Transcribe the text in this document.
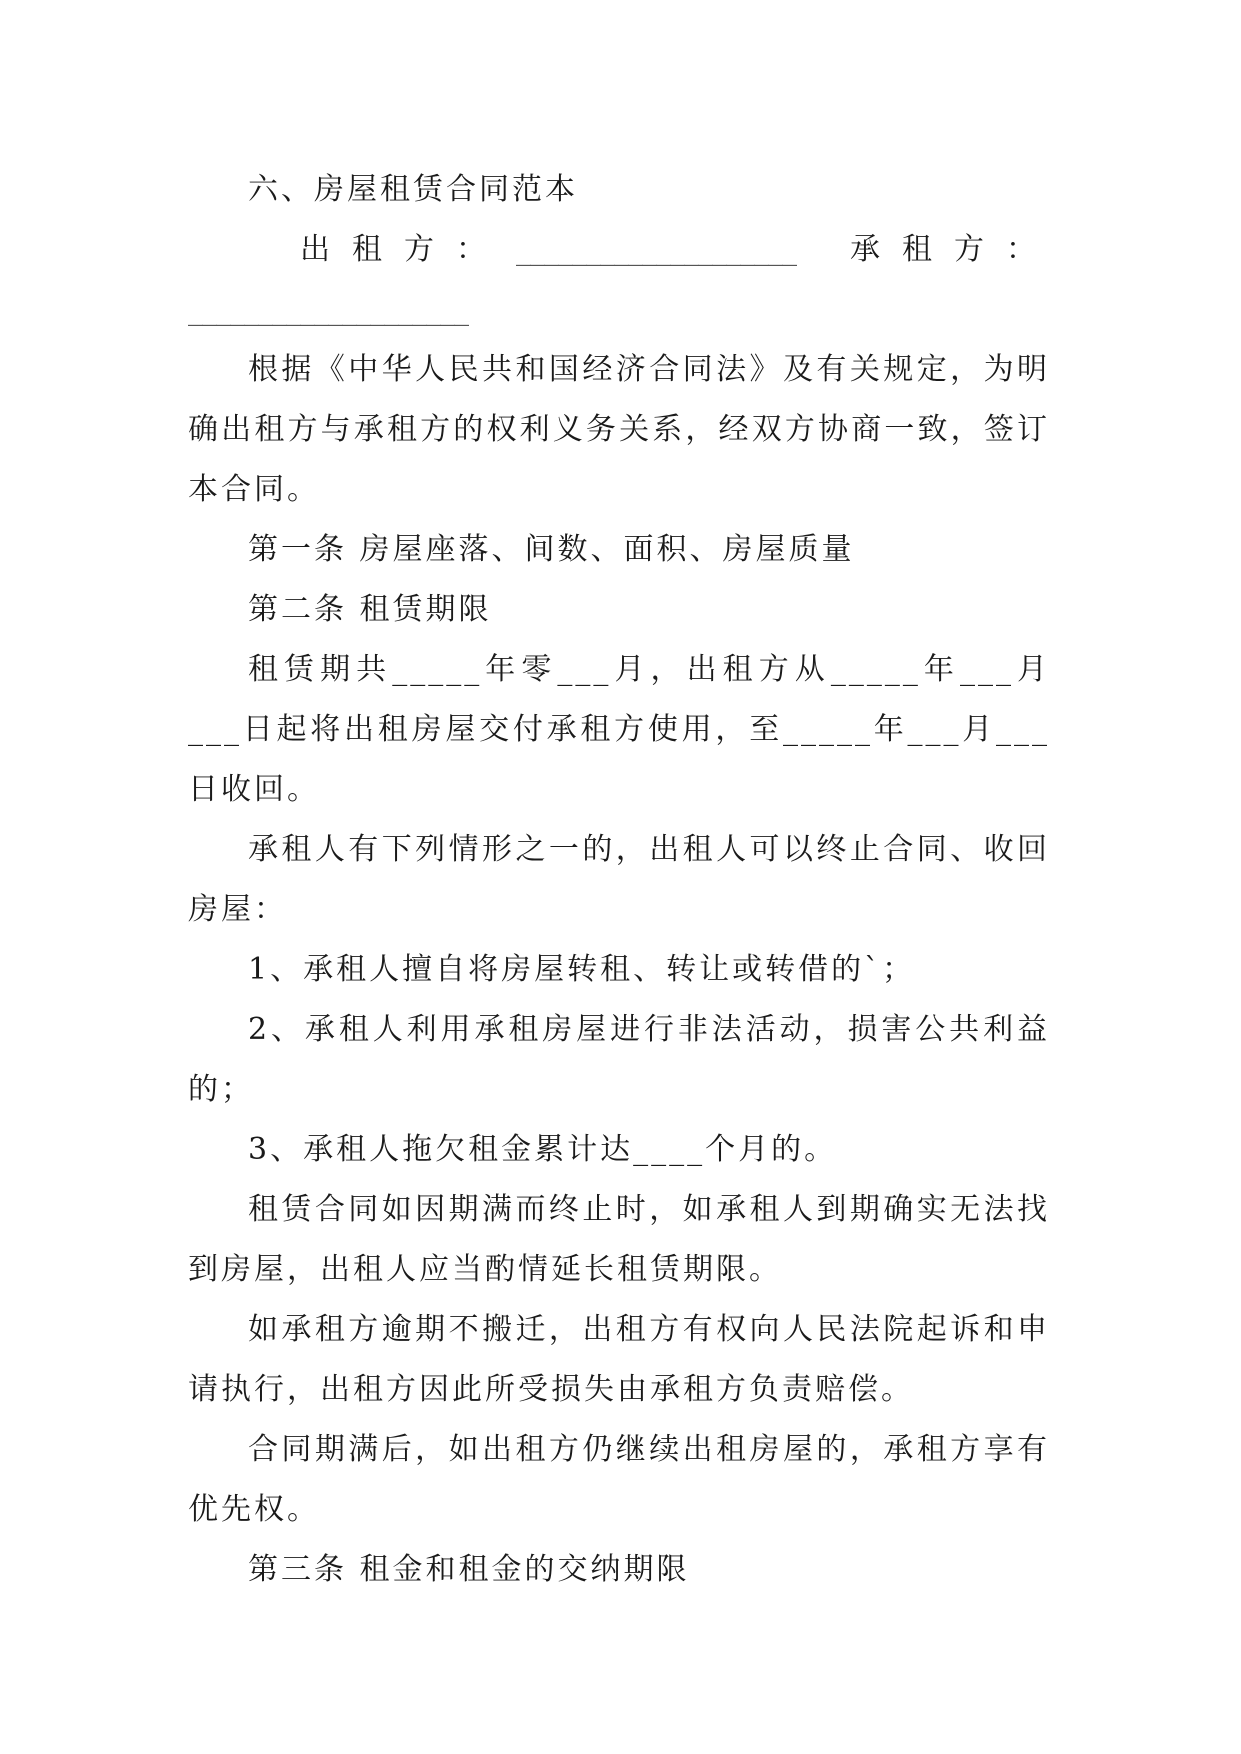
六、房屋租赁合同范本

出租方： ____________________ 承租方：
____________________

根据《中华人民共和国经济合同法》及有关规定，为明确出租方与承租方的权利义务关系，经双方协商一致，签订本合同。

第一条 房屋座落、间数、面积、房屋质量

第二条 租赁期限

租赁期共_____年零___月，出租方从_____年___月___日起将出租房屋交付承租方使用，至_____年___月___日收回。

承租人有下列情形之一的，出租人可以终止合同、收回房屋：

1、承租人擅自将房屋转租、转让或转借的`；

2、承租人利用承租房屋进行非法活动，损害公共利益的；

3、承租人拖欠租金累计达____个月的。

租赁合同如因期满而终止时，如承租人到期确实无法找到房屋，出租人应当酌情延长租赁期限。

如承租方逾期不搬迁，出租方有权向人民法院起诉和申请执行，出租方因此所受损失由承租方负责赔偿。

合同期满后，如出租方仍继续出租房屋的，承租方享有优先权。

第三条 租金和租金的交纳期限
